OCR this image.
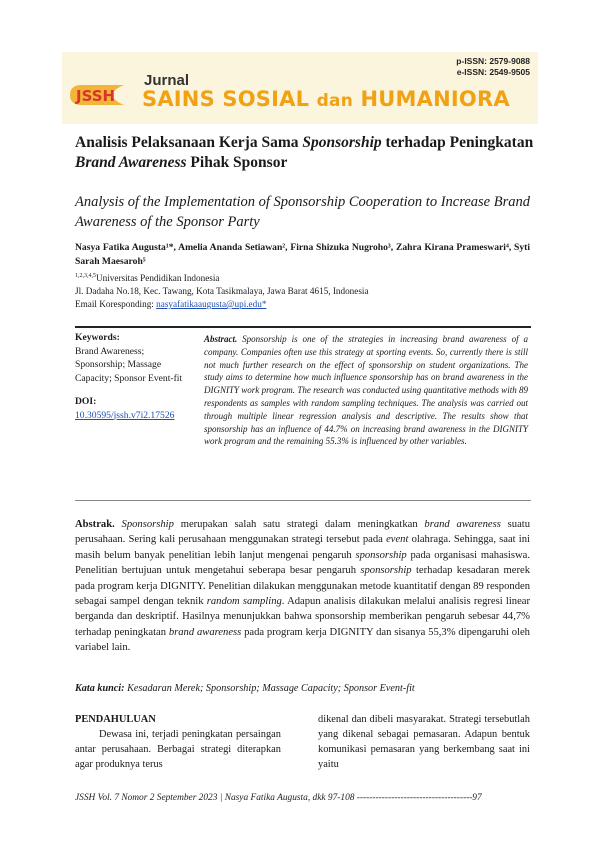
p-ISSN: 2579-9088
e-ISSN: 2549-9505
JSSH
Jurnal
SAINS SOSIAL dan HUMANIORA
Analisis Pelaksanaan Kerja Sama Sponsorship terhadap Peningkatan
Brand Awareness Pihak Sponsor
Analysis of the Implementation of Sponsorship Cooperation to Increase Brand Awareness of the Sponsor Party
Nasya Fatika Augusta¹*, Amelia Ananda Setiawan², Firna Shizuka Nugroho³, Zahra Kirana Prameswari⁴, Syti Sarah Maesaroh⁵
$^{1,2,3,4,5}$Universitas Pendidikan Indonesia
Jl. Dadaha No.18, Kec. Tawang, Kota Tasikmalaya, Jawa Barat 4615, Indonesia
Email Koresponding: nasyafatikaaugusta@upi.edu*
Keywords:
Brand Awareness; Sponsorship; Massage Capacity; Sponsor Event-fit
DOI:
10.30595/jssh.v7i2.17526
Abstract. Sponsorship is one of the strategies in increasing brand awareness of a company. Companies often use this strategy at sporting events. So, currently there is still not much further research on the effect of sponsorship on student organizations. The study aims to determine how much influence sponsorship has on brand awareness in the DIGNITY work program. The research was conducted using quantitative methods with 89 respondents as samples with random sampling techniques. The analysis was carried out through multiple linear regression analysis and descriptive. The results show that sponsorship has an influence of 44.7% on increasing brand awareness in the DIGNITY work program and the remaining 55.3% is influenced by other variables.
Abstrak. Sponsorship merupakan salah satu strategi dalam meningkatkan brand awareness suatu perusahaan. Sering kali perusahaan menggunakan strategi tersebut pada event olahraga. Sehingga, saat ini masih belum banyak penelitian lebih lanjut mengenai pengaruh sponsorship pada organisasi mahasiswa. Penelitian bertujuan untuk mengetahui seberapa besar pengaruh sponsorship terhadap kesadaran merek pada program kerja DIGNITY. Penelitian dilakukan menggunakan metode kuantitatif dengan 89 responden sebagai sampel dengan teknik random sampling. Adapun analisis dilakukan melalui analisis regresi linear berganda dan deskriptif. Hasilnya menunjukkan bahwa sponsorship memberikan pengaruh sebesar 44,7% terhadap peningkatan brand awareness pada program kerja DIGNITY dan sisanya 55,3% dipengaruhi oleh variabel lain.
Kata kunci: Kesadaran Merek; Sponsorship; Massage Capacity; Sponsor Event-fit
PENDAHULUAN
Dewasa ini, terjadi peningkatan persaingan antar perusahaan. Berbagai strategi diterapkan agar produknya terus
dikenal dan dibeli masyarakat. Strategi tersebutlah yang dikenal sebagai pemasaran. Adapun bentuk komunikasi pemasaran yang berkembang saat ini yaitu
JSSH Vol. 7 Nomor 2 September 2023 | Nasya Fatika Augusta, dkk 97-108 -------------------------------------97
